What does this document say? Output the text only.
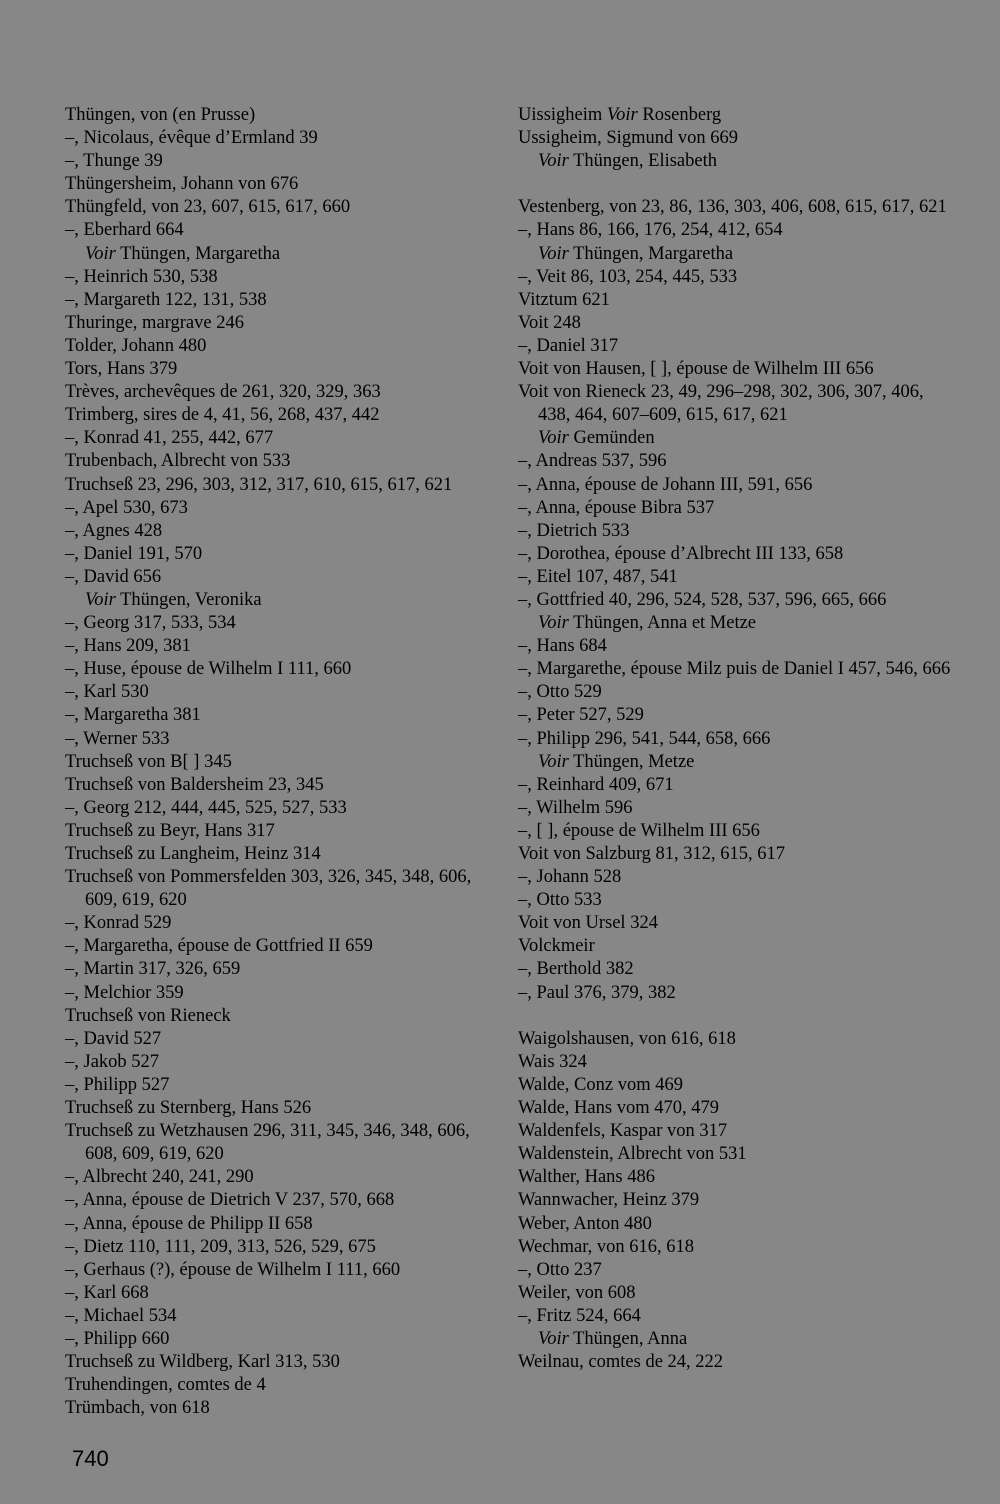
Thüngen, von (en Prusse)
–, Nicolaus, évêque d’Ermland 39
–, Thunge 39
Thüngersheim, Johann von 676
Thüngfeld, von 23, 607, 615, 617, 660
–, Eberhard 664
Voir Thüngen, Margaretha
–, Heinrich 530, 538
–, Margareth 122, 131, 538
Thuringe, margrave 246
Tolder, Johann 480
Tors, Hans 379
Trèves, archevêques de 261, 320, 329, 363
Trimberg, sires de 4, 41, 56, 268, 437, 442
–, Konrad 41, 255, 442, 677
Trubenbach, Albrecht von 533
Truchseß 23, 296, 303, 312, 317, 610, 615, 617, 621
–, Apel 530, 673
–, Agnes 428
–, Daniel 191, 570
–, David 656
Voir Thüngen, Veronika
–, Georg 317, 533, 534
–, Hans 209, 381
–, Huse, épouse de Wilhelm I 111, 660
–, Karl 530
–, Margaretha 381
–, Werner 533
Truchseß von B[ ] 345
Truchseß von Baldersheim 23, 345
–, Georg 212, 444, 445, 525, 527, 533
Truchseß zu Beyr, Hans 317
Truchseß zu Langheim, Heinz 314
Truchseß von Pommersfelden 303, 326, 345, 348, 606, 609, 619, 620
–, Konrad 529
–, Margaretha, épouse de Gottfried II 659
–, Martin 317, 326, 659
–, Melchior 359
Truchseß von Rieneck
–, David 527
–, Jakob 527
–, Philipp 527
Truchseß zu Sternberg, Hans 526
Truchseß zu Wetzhausen 296, 311, 345, 346, 348, 606, 608, 609, 619, 620
–, Albrecht 240, 241, 290
–, Anna, épouse de Dietrich V 237, 570, 668
–, Anna, épouse de Philipp II 658
–, Dietz 110, 111, 209, 313, 526, 529, 675
–, Gerhaus (?), épouse de Wilhelm I 111, 660
–, Karl 668
–, Michael 534
–, Philipp 660
Truchseß zu Wildberg, Karl 313, 530
Truhendingen, comtes de 4
Trümbach, von 618
Uissigheim Voir Rosenberg
Ussigheim, Sigmund von 669
Voir Thüngen, Elisabeth
Vestenberg, von 23, 86, 136, 303, 406, 608, 615, 617, 621
–, Hans 86, 166, 176, 254, 412, 654
Voir Thüngen, Margaretha
–, Veit 86, 103, 254, 445, 533
Vitztum 621
Voit 248
–, Daniel 317
Voit von Hausen, [ ], épouse de Wilhelm III 656
Voit von Rieneck 23, 49, 296–298, 302, 306, 307, 406, 438, 464, 607–609, 615, 617, 621
Voir Gemünden
–, Andreas 537, 596
–, Anna, épouse de Johann III, 591, 656
–, Anna, épouse Bibra 537
–, Dietrich 533
–, Dorothea, épouse d’Albrecht III 133, 658
–, Eitel 107, 487, 541
–, Gottfried 40, 296, 524, 528, 537, 596, 665, 666
Voir Thüngen, Anna et Metze
–, Hans 684
–, Margarethe, épouse Milz puis de Daniel I 457, 546, 666
–, Otto 529
–, Peter 527, 529
–, Philipp 296, 541, 544, 658, 666
Voir Thüngen, Metze
–, Reinhard 409, 671
–, Wilhelm 596
–, [ ], épouse de Wilhelm III 656
Voit von Salzburg 81, 312, 615, 617
–, Johann 528
–, Otto 533
Voit von Ursel 324
Volckmeir
–, Berthold 382
–, Paul 376, 379, 382
Waigolshausen, von 616, 618
Wais 324
Walde, Conz vom 469
Walde, Hans vom 470, 479
Waldenfels, Kaspar von 317
Waldenstein, Albrecht von 531
Walther, Hans 486
Wannwacher, Heinz 379
Weber, Anton 480
Wechmar, von 616, 618
–, Otto 237
Weiler, von 608
–, Fritz 524, 664
Voir Thüngen, Anna
Weilnau, comtes de 24, 222
740
